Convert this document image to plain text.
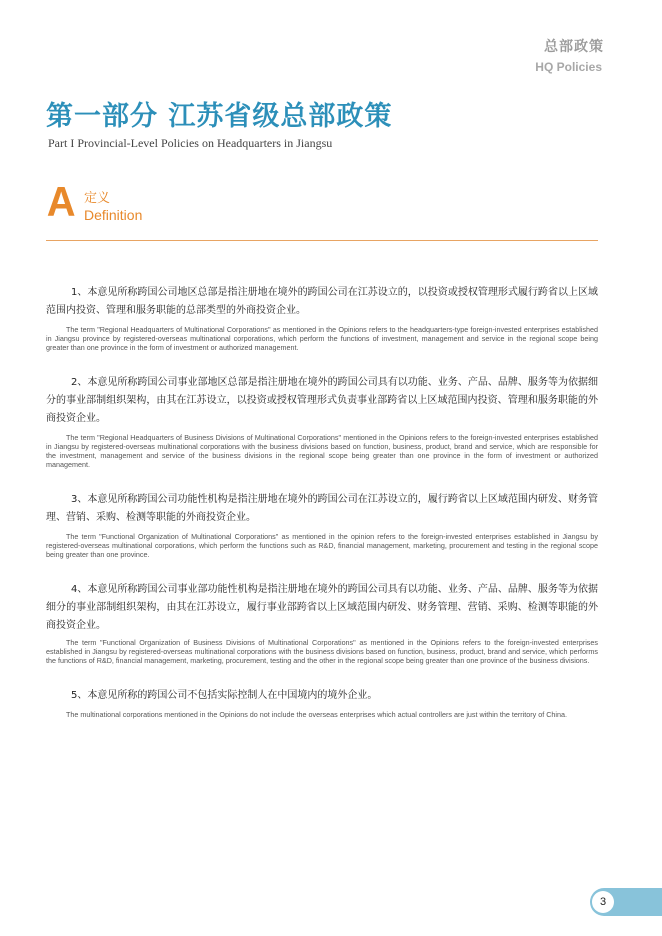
总部政策
HQ Policies
第一部分 江苏省级总部政策
Part I Provincial-Level Policies on Headquarters in Jiangsu
A 定义
Definition

1、本意见所称跨国公司地区总部是指注册地在境外的跨国公司在江苏设立的，以投资或授权管理形式履行跨省以上区域范围内投资、管理和服务职能的总部类型的外商投资企业。

The term "Regional Headquarters of Multinational Corporations" as mentioned in the Opinions refers to the headquarters-type foreign-invested enterprises established in Jiangsu province by registered-overseas multinational corporations, which perform the functions of investment, management and service in the regional scope being greater than one province in the form of investment or authorized management.

2、本意见所称跨国公司事业部地区总部是指注册地在境外的跨国公司具有以功能、业务、产品、品牌、服务等为依据细分的事业部制组织架构，由其在江苏设立，以投资或授权管理形式负责事业部跨省以上区域范围内投资、管理和服务职能的外商投资企业。

The term "Regional Headquarters of Business Divisions of Multinational Corporations" mentioned in the Opinions refers to the foreign-invested enterprises established in Jiangsu by registered-overseas multinational corporations with the business divisions based on function, business, product, brand and service, which are responsible for the investment, management and service of the business divisions in the regional scope being greater than one province in the form of investment or authorized management.

3、本意见所称跨国公司功能性机构是指注册地在境外的跨国公司在江苏设立的，履行跨省以上区域范围内研发、财务管理、营销、采购、检测等职能的外商投资企业。

The term "Functional Organization of Multinational Corporations" as mentioned in the opinion refers to the foreign-invested enterprises established in Jiangsu by registered-overseas multinational corporations, which perform the functions such as R&D, financial management, marketing, procurement and testing in the regional scope being greater than one province.

4、本意见所称跨国公司事业部功能性机构是指注册地在境外的跨国公司具有以功能、业务、产品、品牌、服务等为依据细分的事业部制组织架构，由其在江苏设立，履行事业部跨省以上区域范围内研发、财务管理、营销、采购、检测等职能的外商投资企业。

The term "Functional Organization of Business Divisions of Multinational Corporations" as mentioned in the Opinions refers to the foreign-invested enterprises established in Jiangsu by registered-overseas multinational corporations with the business divisions based on function, business, product, brand and service, which performs the functions of R&D, financial management, marketing, procurement, testing and the other in the regional scope being greater than one province of the business divisions.

5、本意见所称的跨国公司不包括实际控制人在中国境内的境外企业。

The multinational corporations mentioned in the Opinions do not include the overseas enterprises which actual controllers are just within the territory of China.

3
